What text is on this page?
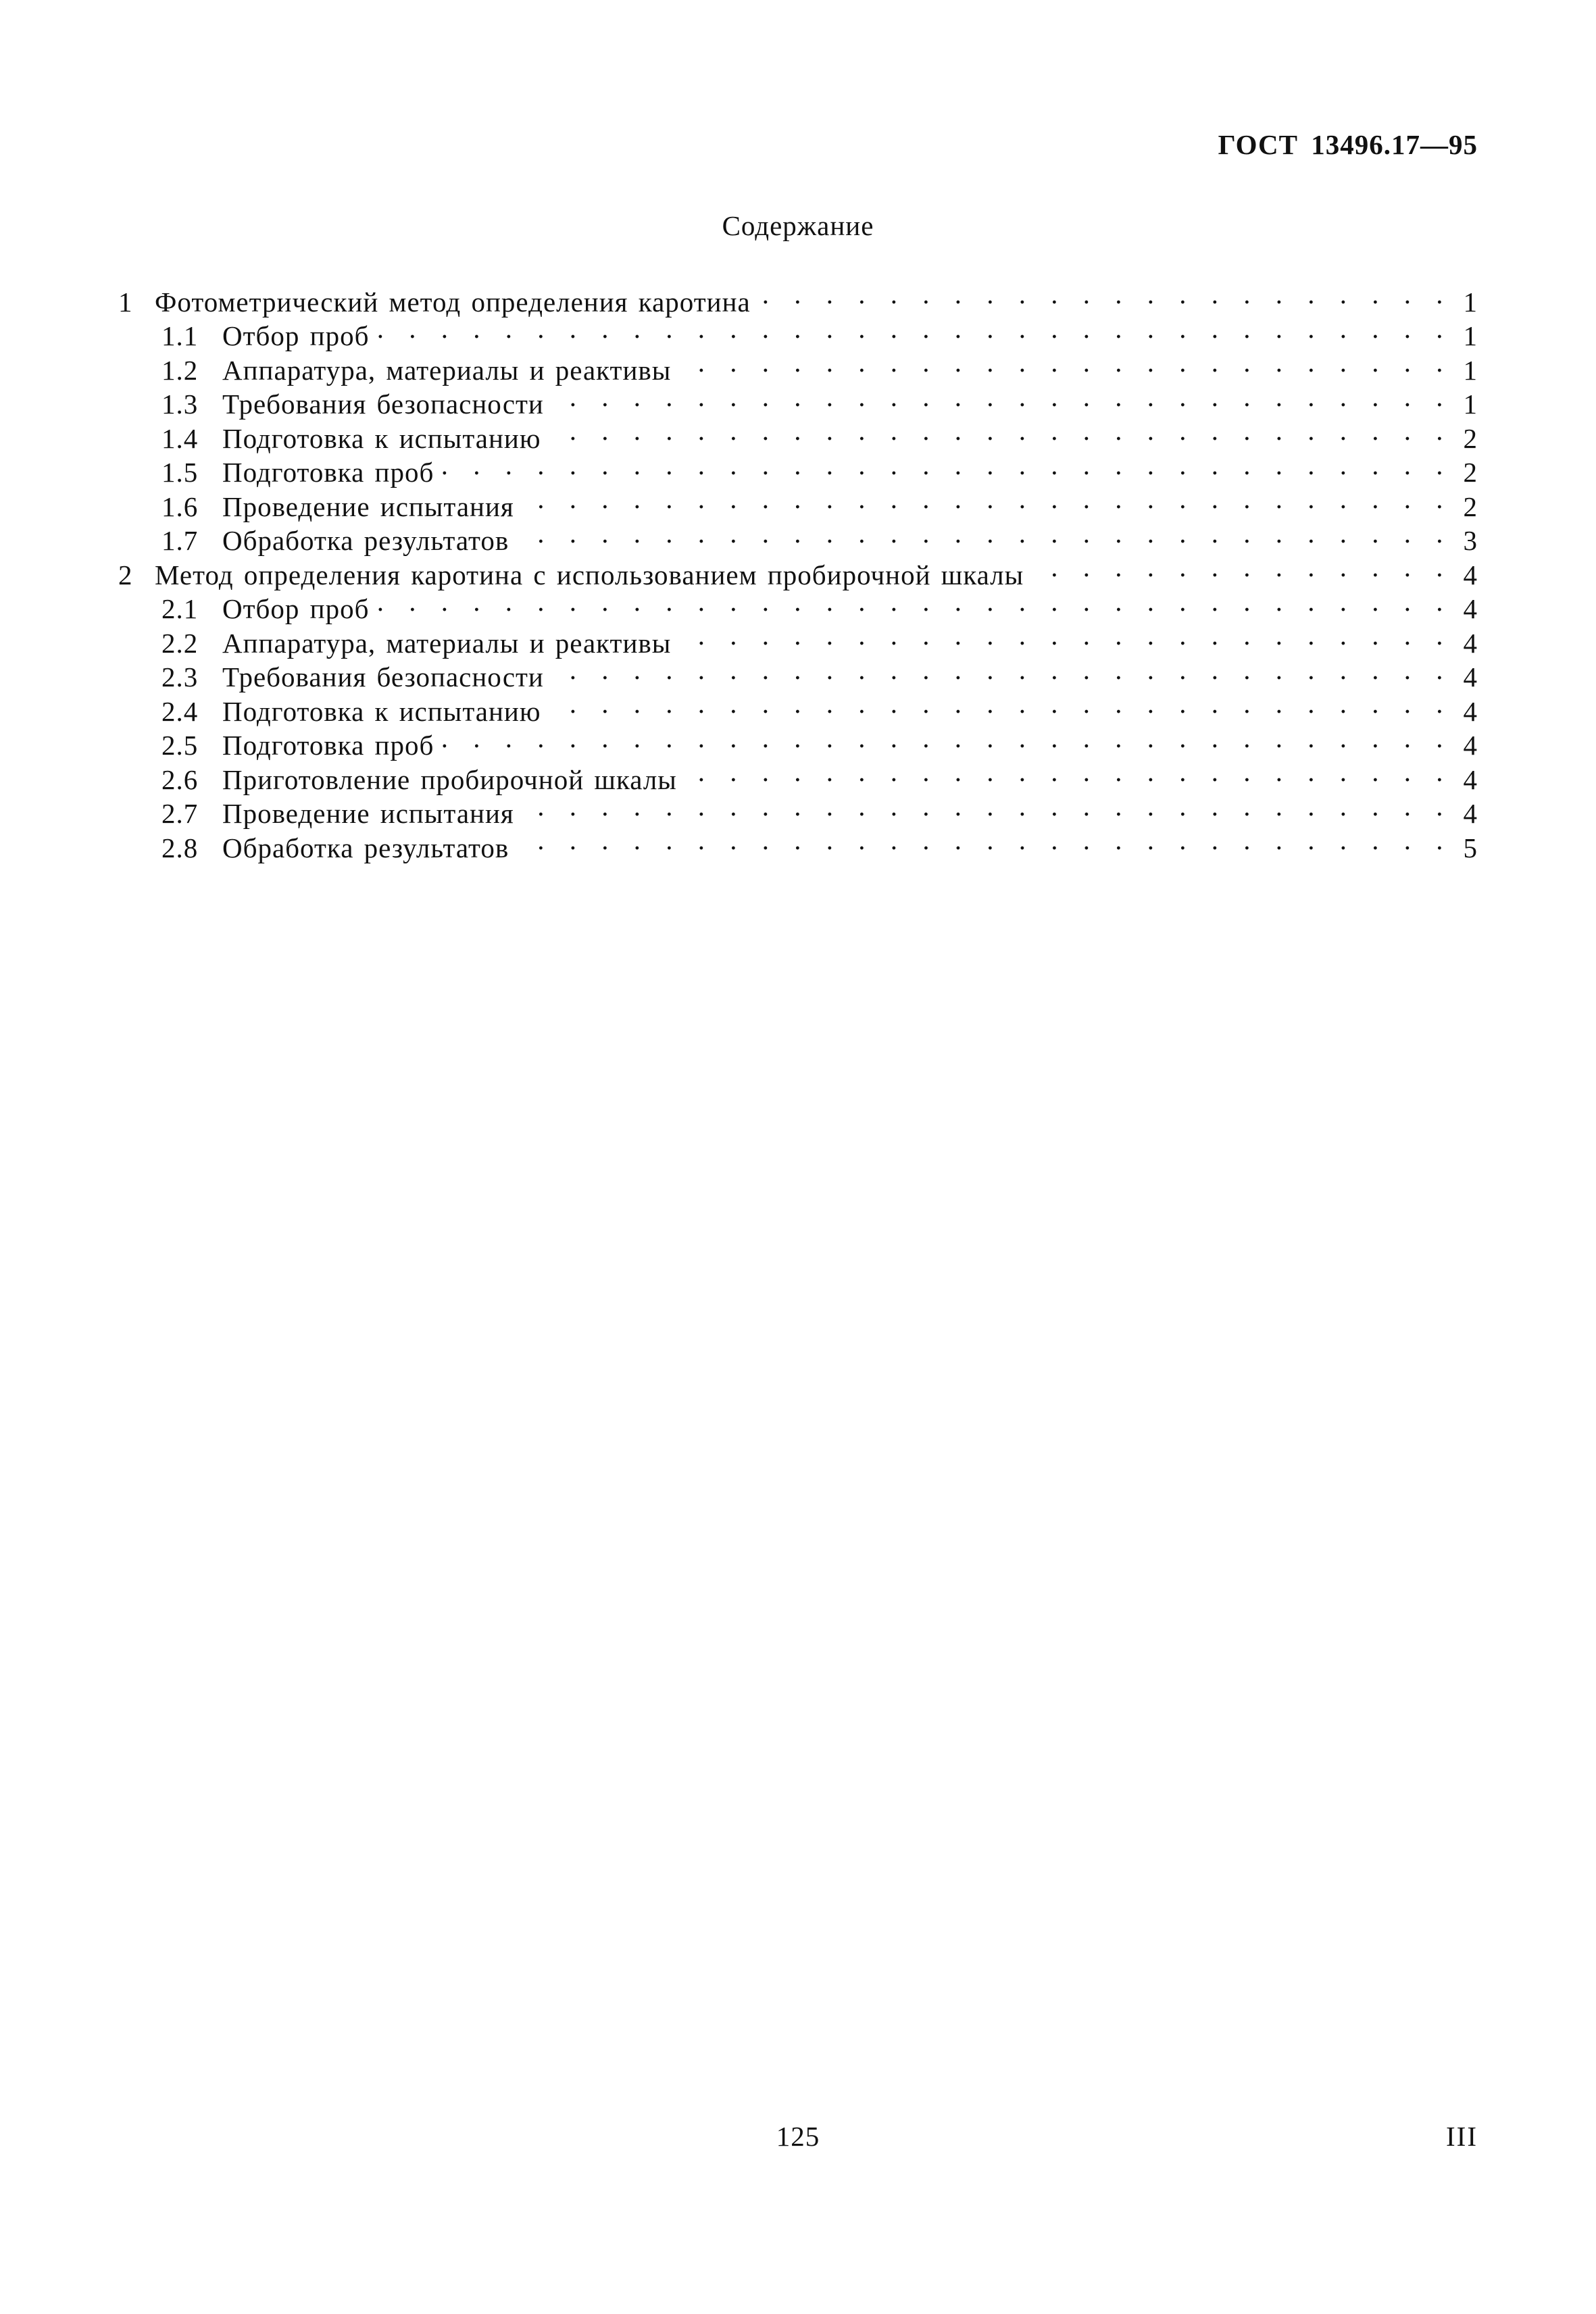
ГОСТ 13496.17—95
Содержание
1 Фотометрический метод определения каротина . . .	1
1.1 Отбор проб . . .	1
1.2 Аппаратура, материалы и реактивы . . .	1
1.3 Требования безопасности . . .	1
1.4 Подготовка к испытанию . . .	2
1.5 Подготовка проб . . .	2
1.6 Проведение испытания . . .	2
1.7 Обработка результатов . . .	3
2 Метод определения каротина с использованием пробирочной шкалы . . .	4
2.1 Отбор проб . . .	4
2.2 Аппаратура, материалы и реактивы . . .	4
2.3 Требования безопасности . . .	4
2.4 Подготовка к испытанию . . .	4
2.5 Подготовка проб . . .	4
2.6 Приготовление пробирочной шкалы . . .	4
2.7 Проведение испытания . . .	4
2.8 Обработка результатов . . .	5
125	III
